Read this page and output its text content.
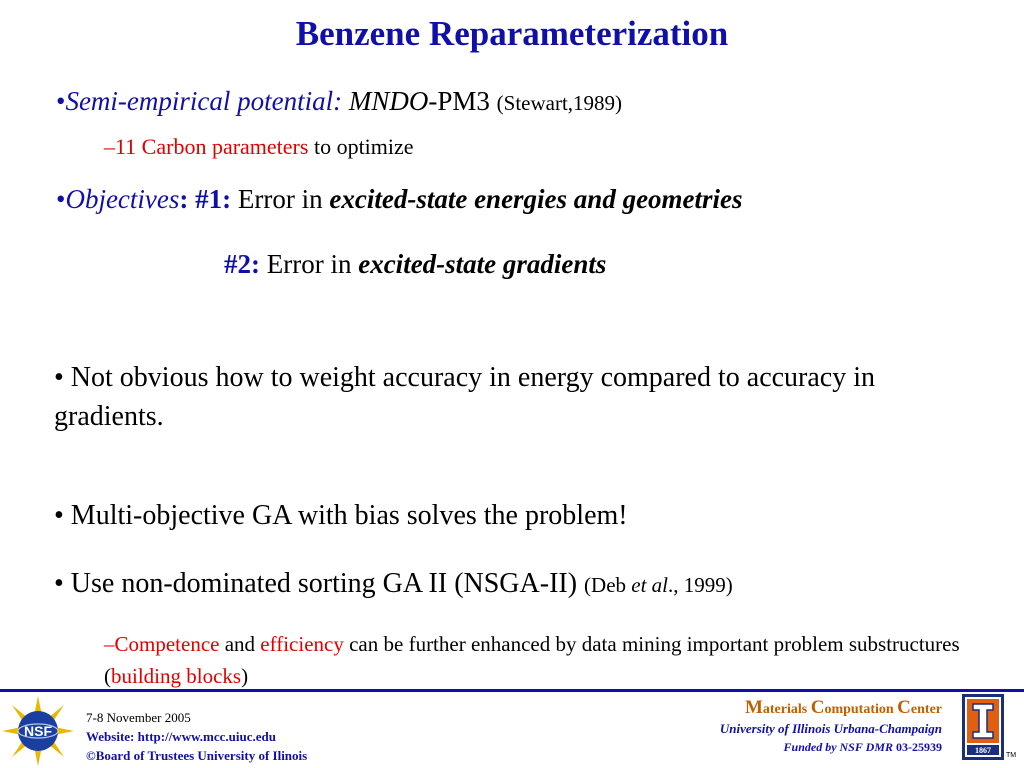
Benzene Reparameterization
•Semi-empirical potential: MNDO-PM3 (Stewart,1989)
–11 Carbon parameters to optimize
•Objectives: #1: Error in excited-state energies and geometries
#2: Error in excited-state gradients
• Not obvious how to weight accuracy in energy compared to accuracy in gradients.
• Multi-objective GA with bias solves the problem!
• Use non-dominated sorting GA II (NSGA-II) (Deb et al., 1999)
–Competence and efficiency can be further enhanced by data mining important problem substructures (building blocks)
NSF
7-8 November 2005
Website: http://www.mcc.uiuc.edu
©Board of Trustees University of Ilinois
Materials Computation Center
University of Illinois Urbana-Champaign
Funded by NSF DMR 03-25939	1867
TM
